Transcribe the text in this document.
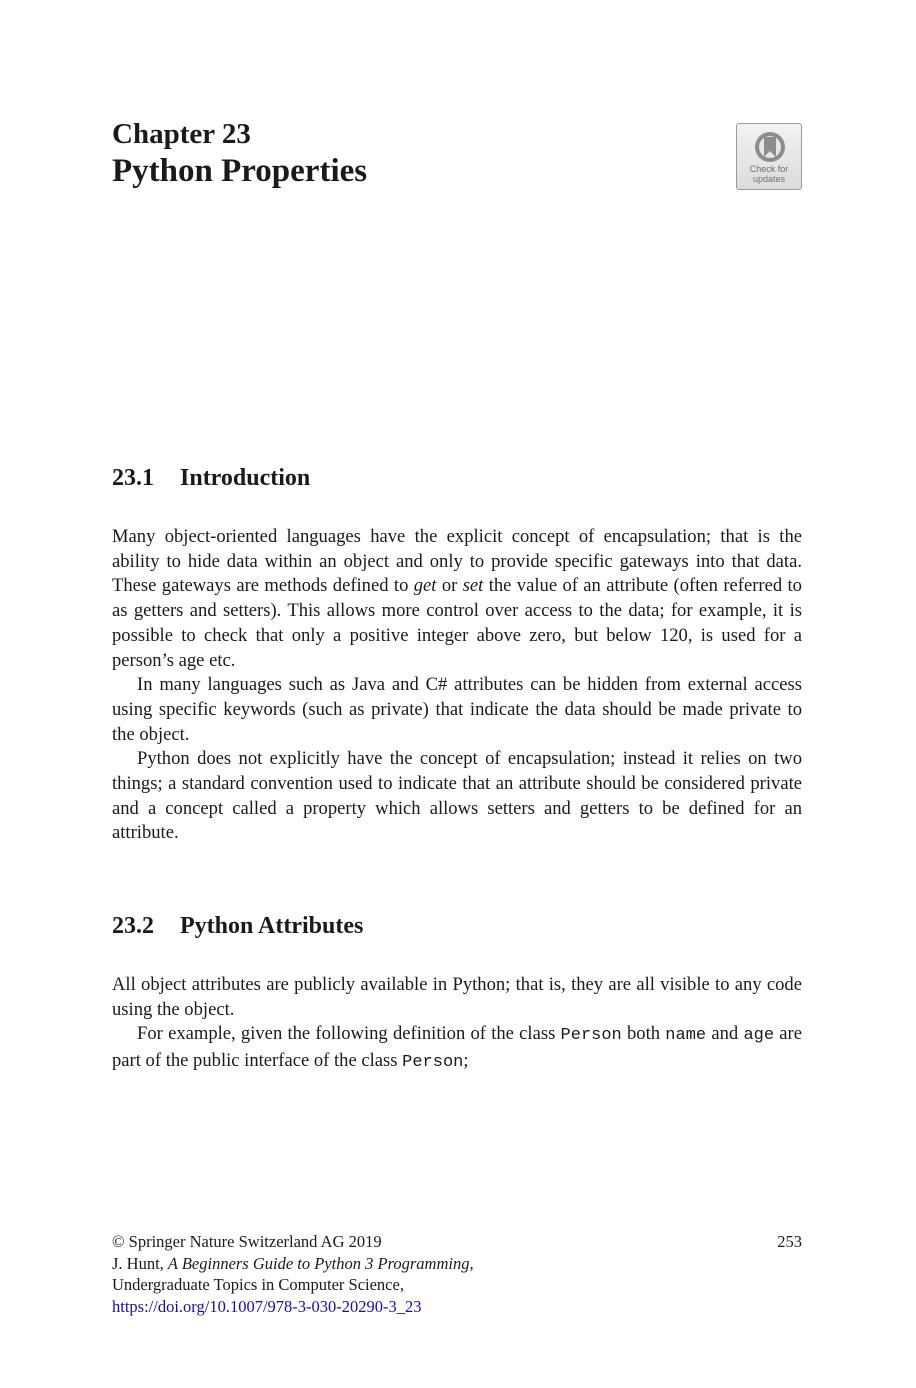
Chapter 23
Python Properties	Check for
updates
23.1 Introduction

Many object-oriented languages have the explicit concept of encapsulation; that is the ability to hide data within an object and only to provide specific gateways into that data. These gateways are methods defined to get or set the value of an attribute (often referred to as getters and setters). This allows more control over access to the data; for example, it is possible to check that only a positive integer above zero, but below 120, is used for a person’s age etc.

In many languages such as Java and C# attributes can be hidden from external access using specific keywords (such as private) that indicate the data should be made private to the object.

Python does not explicitly have the concept of encapsulation; instead it relies on two things; a standard convention used to indicate that an attribute should be considered private and a concept called a property which allows setters and getters to be defined for an attribute.

23.2 Python Attributes

All object attributes are publicly available in Python; that is, they are all visible to any code using the object.

For example, given the following definition of the class Person both name and age are part of the public interface of the class Person;

© Springer Nature Switzerland AG 2019
J. Hunt, A Beginners Guide to Python 3 Programming,
Undergraduate Topics in Computer Science,
https://doi.org/10.1007/978-3-030-20290-3_23
253
